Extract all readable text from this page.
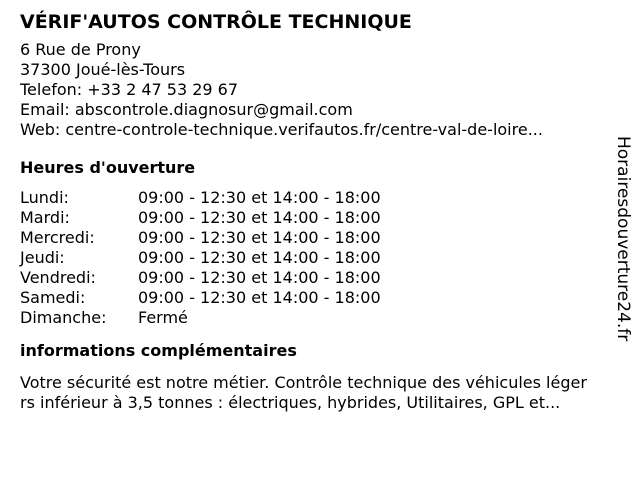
VÉRIF'AUTOS CONTRÔLE TECHNIQUE
6 Rue de Prony
37300 Joué-lès-Tours
Telefon: +33 2 47 53 29 67
Email: abscontrole.diagnosur@gmail.com
Web: centre-controle-technique.verifautos.fr/centre-val-de-loire...
Heures d'ouverture
Lundi:	09:00 - 12:30 et 14:00 - 18:00
Mardi:	09:00 - 12:30 et 14:00 - 18:00
Mercredi:	09:00 - 12:30 et 14:00 - 18:00
Jeudi:	09:00 - 12:30 et 14:00 - 18:00
Vendredi:	09:00 - 12:30 et 14:00 - 18:00
Samedi:	09:00 - 12:30 et 14:00 - 18:00
Dimanche:	Fermé
informations complémentaires
Votre sécurité est notre métier. Contrôle technique des véhicules léger
rs inférieur à 3,5 tonnes : électriques, hybrides, Utilitaires, GPL et...
Horairesdouverture24.fr
